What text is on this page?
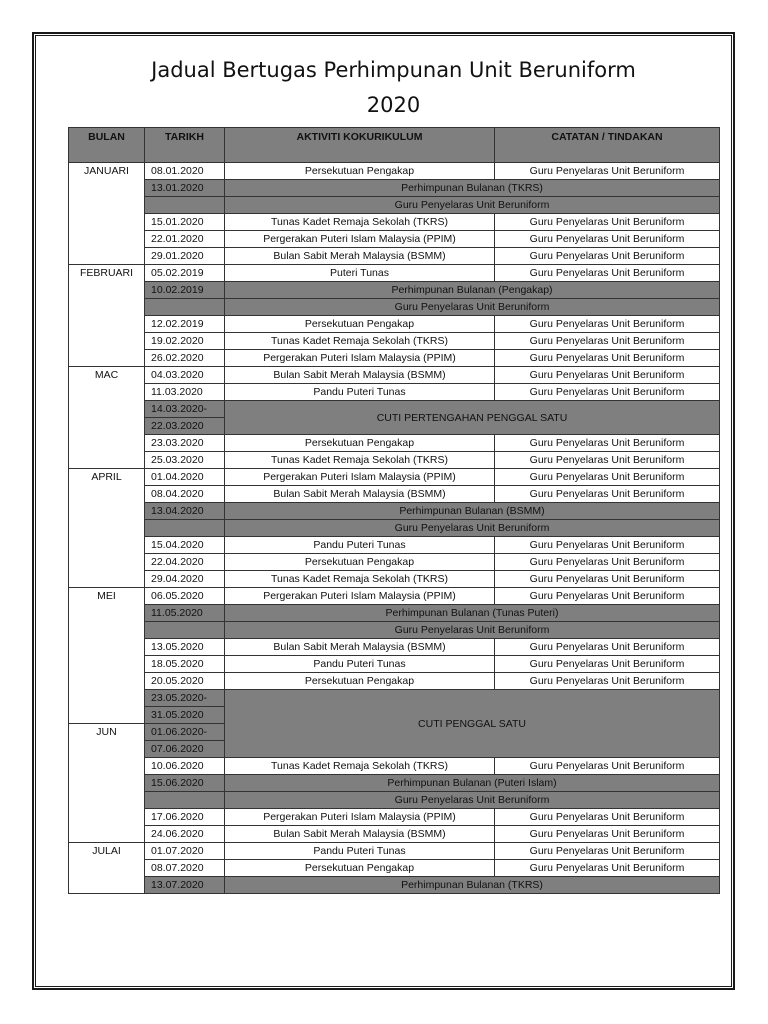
Jadual Bertugas Perhimpunan Unit Beruniform
2020
BULAN	TARIKH	AKTIVITI KOKURIKULUM	CATATAN / TINDAKAN
JANUARI	08.01.2020	Persekutuan Pengakap	Guru Penyelaras Unit Beruniform
	13.01.2020	Perhimpunan Bulanan (TKRS)	
		Guru Penyelaras Unit Beruniform	
	15.01.2020	Tunas Kadet Remaja Sekolah (TKRS)	Guru Penyelaras Unit Beruniform
	22.01.2020	Pergerakan Puteri Islam Malaysia (PPIM)	Guru Penyelaras Unit Beruniform
	29.01.2020	Bulan Sabit Merah Malaysia (BSMM)	Guru Penyelaras Unit Beruniform
FEBRUARI	05.02.2019	Puteri Tunas	Guru Penyelaras Unit Beruniform
	10.02.2019	Perhimpunan Bulanan (Pengakap)	
		Guru Penyelaras Unit Beruniform	
	12.02.2019	Persekutuan Pengakap	Guru Penyelaras Unit Beruniform
	19.02.2020	Tunas Kadet Remaja Sekolah (TKRS)	Guru Penyelaras Unit Beruniform
	26.02.2020	Pergerakan Puteri Islam Malaysia (PPIM)	Guru Penyelaras Unit Beruniform
MAC	04.03.2020	Bulan Sabit Merah Malaysia (BSMM)	Guru Penyelaras Unit Beruniform
	11.03.2020	Pandu Puteri Tunas	Guru Penyelaras Unit Beruniform
	14.03.2020-	CUTI PERTENGAHAN PENGGAL SATU	
	22.03.2020		
	23.03.2020	Persekutuan Pengakap	Guru Penyelaras Unit Beruniform
	25.03.2020	Tunas Kadet Remaja Sekolah (TKRS)	Guru Penyelaras Unit Beruniform
APRIL	01.04.2020	Pergerakan Puteri Islam Malaysia (PPIM)	Guru Penyelaras Unit Beruniform
	08.04.2020	Bulan Sabit Merah Malaysia (BSMM)	Guru Penyelaras Unit Beruniform
	13.04.2020	Perhimpunan Bulanan (BSMM)	
		Guru Penyelaras Unit Beruniform	
	15.04.2020	Pandu Puteri Tunas	Guru Penyelaras Unit Beruniform
	22.04.2020	Persekutuan Pengakap	Guru Penyelaras Unit Beruniform
	29.04.2020	Tunas Kadet Remaja Sekolah (TKRS)	Guru Penyelaras Unit Beruniform
MEI	06.05.2020	Pergerakan Puteri Islam Malaysia (PPIM)	Guru Penyelaras Unit Beruniform
	11.05.2020	Perhimpunan Bulanan (Tunas Puteri)	
		Guru Penyelaras Unit Beruniform	
	13.05.2020	Bulan Sabit Merah Malaysia (BSMM)	Guru Penyelaras Unit Beruniform
	18.05.2020	Pandu Puteri Tunas	Guru Penyelaras Unit Beruniform
	20.05.2020	Persekutuan Pengakap	Guru Penyelaras Unit Beruniform
	23.05.2020-	CUTI PENGGAL SATU	
	31.05.2020		
JUN	01.06.2020-		
	07.06.2020		
	10.06.2020	Tunas Kadet Remaja Sekolah (TKRS)	Guru Penyelaras Unit Beruniform
	15.06.2020	Perhimpunan Bulanan (Puteri Islam)	
		Guru Penyelaras Unit Beruniform	
	17.06.2020	Pergerakan Puteri Islam Malaysia (PPIM)	Guru Penyelaras Unit Beruniform
	24.06.2020	Bulan Sabit Merah Malaysia (BSMM)	Guru Penyelaras Unit Beruniform
JULAI	01.07.2020	Pandu Puteri Tunas	Guru Penyelaras Unit Beruniform
	08.07.2020	Persekutuan Pengakap	Guru Penyelaras Unit Beruniform
	13.07.2020	Perhimpunan Bulanan (TKRS)	
